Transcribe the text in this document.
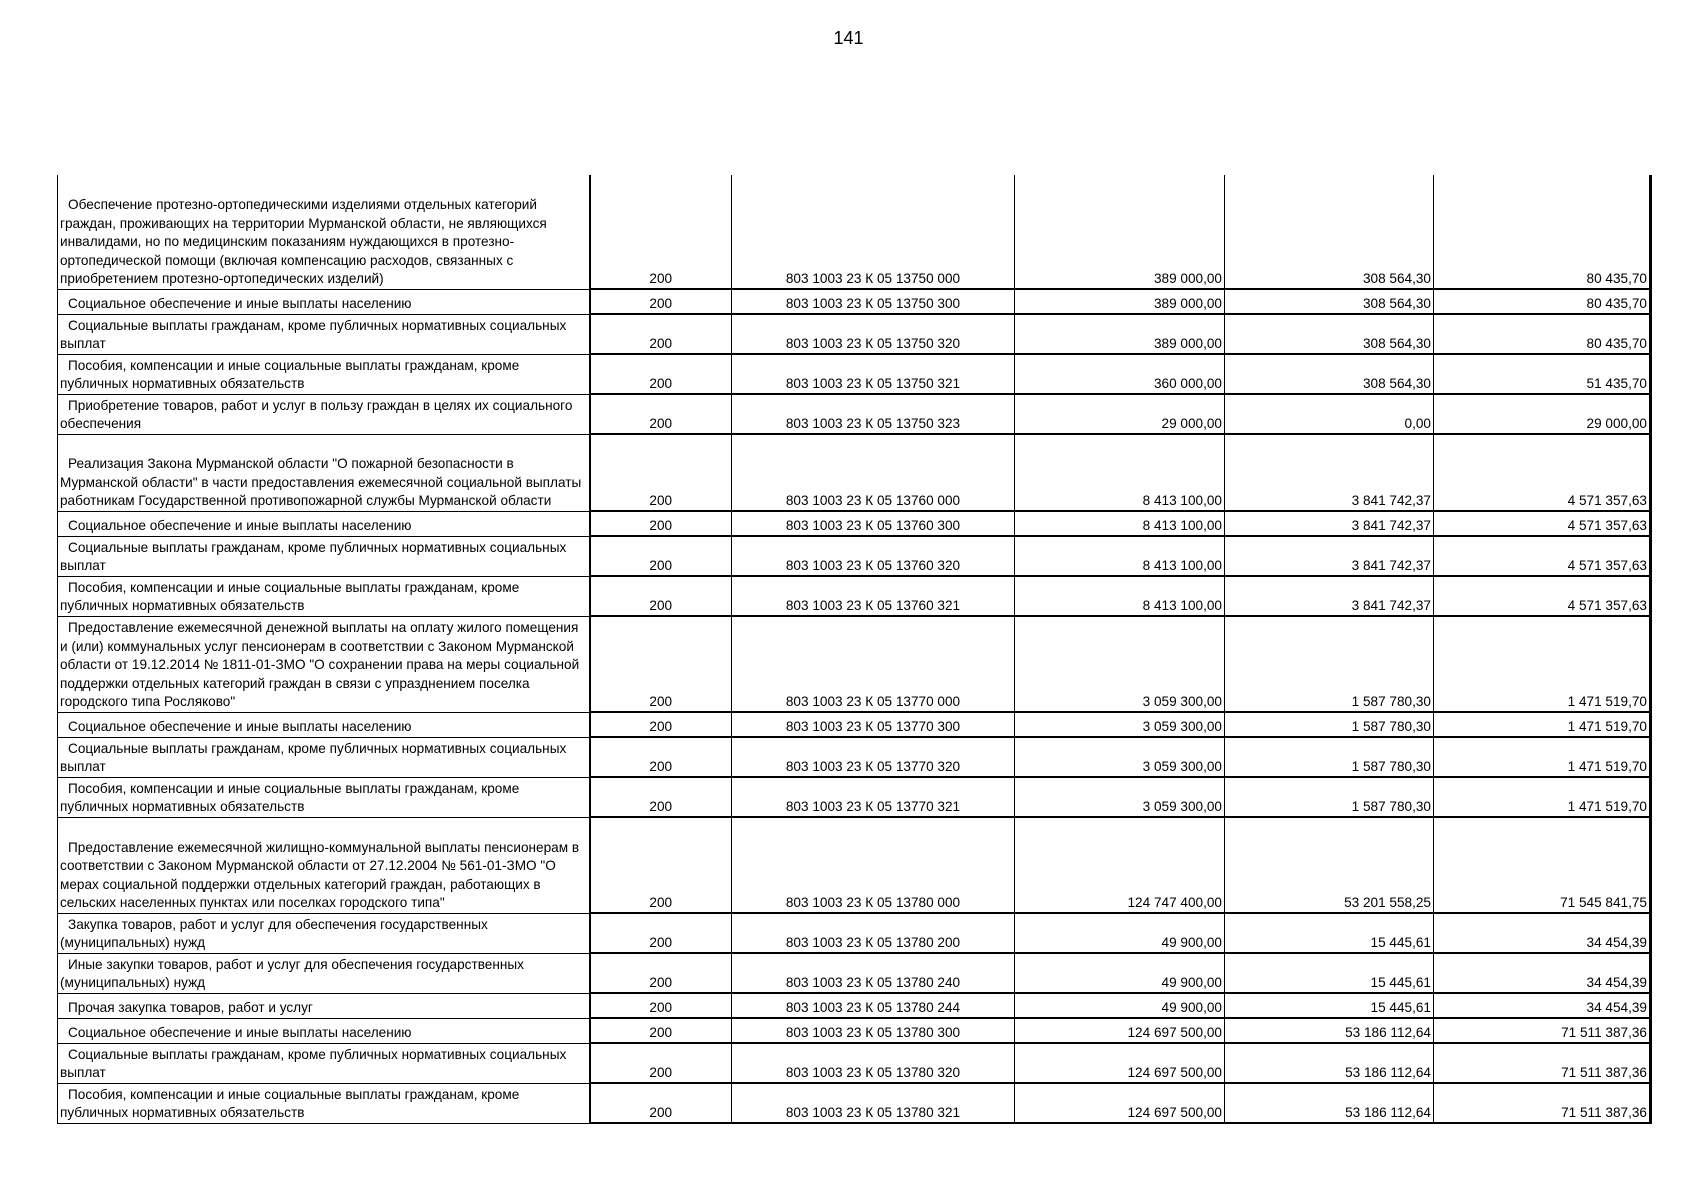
141
Обеспечение протезно-ортопедическими изделиями отдельных категорий граждан, проживающих на территории Мурманской области, не являющихся инвалидами, но по медицинским показаниям нуждающихся в протезно-ортопедической помощи (включая компенсацию расходов, связанных с приобретением протезно-ортопедических изделий)	200	803 1003 23 К 05 13750 000	389 000,00	308 564,30	80 435,70

Социальное обеспечение и иные выплаты населению	200	803 1003 23 К 05 13750 300	389 000,00	308 564,30	80 435,70

Социальные выплаты гражданам, кроме публичных нормативных социальных выплат	200	803 1003 23 К 05 13750 320	389 000,00	308 564,30	80 435,70

Пособия, компенсации и иные социальные выплаты гражданам, кроме публичных нормативных обязательств	200	803 1003 23 К 05 13750 321	360 000,00	308 564,30	51 435,70

Приобретение товаров, работ и услуг в пользу граждан в целях их социального обеспечения	200	803 1003 23 К 05 13750 323	29 000,00	0,00	29 000,00

Реализация Закона Мурманской области "О пожарной безопасности в Мурманской области" в части предоставления ежемесячной социальной выплаты работникам Государственной противопожарной службы Мурманской области	200	803 1003 23 К 05 13760 000	8 413 100,00	3 841 742,37	4 571 357,63

Социальное обеспечение и иные выплаты населению	200	803 1003 23 К 05 13760 300	8 413 100,00	3 841 742,37	4 571 357,63

Социальные выплаты гражданам, кроме публичных нормативных социальных выплат	200	803 1003 23 К 05 13760 320	8 413 100,00	3 841 742,37	4 571 357,63

Пособия, компенсации и иные социальные выплаты гражданам, кроме публичных нормативных обязательств	200	803 1003 23 К 05 13760 321	8 413 100,00	3 841 742,37	4 571 357,63

Предоставление ежемесячной денежной выплаты на оплату жилого помещения и (или) коммунальных услуг пенсионерам в соответствии с Законом Мурманской области от 19.12.2014 № 1811-01-ЗМО "О сохранении права на меры социальной поддержки отдельных категорий граждан в связи с упразднением поселка городского типа Росляково"	200	803 1003 23 К 05 13770 000	3 059 300,00	1 587 780,30	1 471 519,70

Социальное обеспечение и иные выплаты населению	200	803 1003 23 К 05 13770 300	3 059 300,00	1 587 780,30	1 471 519,70

Социальные выплаты гражданам, кроме публичных нормативных социальных выплат	200	803 1003 23 К 05 13770 320	3 059 300,00	1 587 780,30	1 471 519,70

Пособия, компенсации и иные социальные выплаты гражданам, кроме публичных нормативных обязательств	200	803 1003 23 К 05 13770 321	3 059 300,00	1 587 780,30	1 471 519,70

Предоставление ежемесячной жилищно-коммунальной выплаты пенсионерам в соответствии с Законом Мурманской области от 27.12.2004 № 561-01-ЗМО "О мерах социальной поддержки отдельных категорий граждан, работающих в сельских населенных пунктах или поселках городского типа"	200	803 1003 23 К 05 13780 000	124 747 400,00	53 201 558,25	71 545 841,75

Закупка товаров, работ и услуг для обеспечения государственных (муниципальных) нужд	200	803 1003 23 К 05 13780 200	49 900,00	15 445,61	34 454,39

Иные закупки товаров, работ и услуг для обеспечения государственных (муниципальных) нужд	200	803 1003 23 К 05 13780 240	49 900,00	15 445,61	34 454,39

Прочая закупка товаров, работ и услуг	200	803 1003 23 К 05 13780 244	49 900,00	15 445,61	34 454,39

Социальное обеспечение и иные выплаты населению	200	803 1003 23 К 05 13780 300	124 697 500,00	53 186 112,64	71 511 387,36

Социальные выплаты гражданам, кроме публичных нормативных социальных выплат	200	803 1003 23 К 05 13780 320	124 697 500,00	53 186 112,64	71 511 387,36

Пособия, компенсации и иные социальные выплаты гражданам, кроме публичных нормативных обязательств	200	803 1003 23 К 05 13780 321	124 697 500,00	53 186 112,64	71 511 387,36
